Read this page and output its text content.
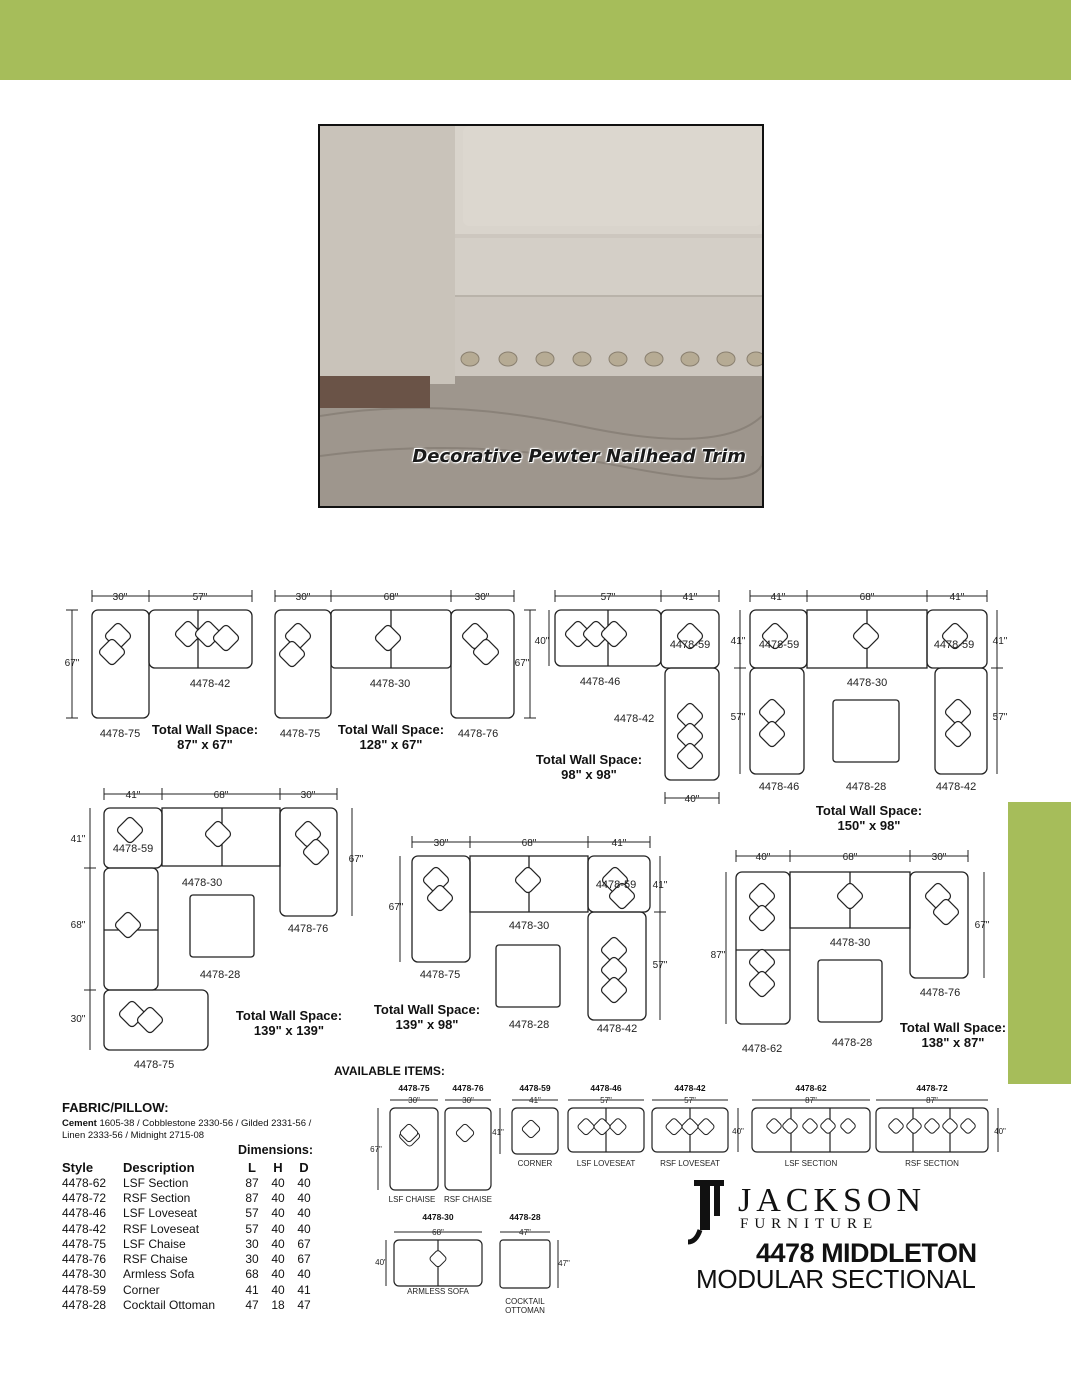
Decorative Pewter Nailhead Trim
30"	57"
67"
30"	68"	30"
67"
57"	41"
40"
40"
41"	68"	41"
41"
57"
41"
57"
41"	68"	30"
41"
68"
30"
67"
30"	68"	41"
67"
41"
57"
40"	68"	30"
87"
67"
4478-75
4478-42
4478-75
4478-30
4478-76
4478-46
4478-59
4478-42
4478-59
4478-30
4478-59
4478-46	4478-28	4478-42
4478-59
4478-30
4478-76
4478-28
4478-75
4478-59
4478-30
4478-75
4478-28	4478-42
4478-30
4478-76
4478-62	4478-28
Total Wall Space:
87" x 67"
Total Wall Space:
128" x 67"
Total Wall Space:
98" x 98"
Total Wall Space:
150" x 98"
Total Wall Space:
139" x 139"
Total Wall Space:
139" x 98"	Total Wall Space:
138" x 87"
AVAILABLE ITEMS:
4478-75	4478-76	4478-59	4478-46	4478-42	4478-62	4478-72
4478-30	4478-28
30"	30"	41"	57"	57"	87"	87"
68"	47"
67"
41"	40"	40"
40"	47"
LSF CHAISE RSF CHAISE
CORNER	LSF LOVESEAT	RSF LOVESEAT	LSF SECTION	RSF SECTION
ARMLESS SOFA
COCKTAIL
OTTOMAN
FABRIC/PILLOW:
Cement 1605-38 / Cobblestone 2330-56 / Gilded 2331-56 /
Linen 2333-56 / Midnight 2715-08
Dimensions:
Style	Description	L	H	D
4478-62	LSF Section	87	40	40
4478-72	RSF Section	87	40	40
4478-46	LSF Loveseat	57	40	40
4478-42	RSF Loveseat	57	40	40
4478-75	LSF Chaise	30	40	67
4478-76	RSF Chaise	30	40	67
4478-30	Armless Sofa	68	40	40
4478-59	Corner	41	40	41
4478-28	Cocktail Ottoman	47	18	47
JACKSON
FURNITURE
4478 MIDDLETON
MODULAR SECTIONAL
